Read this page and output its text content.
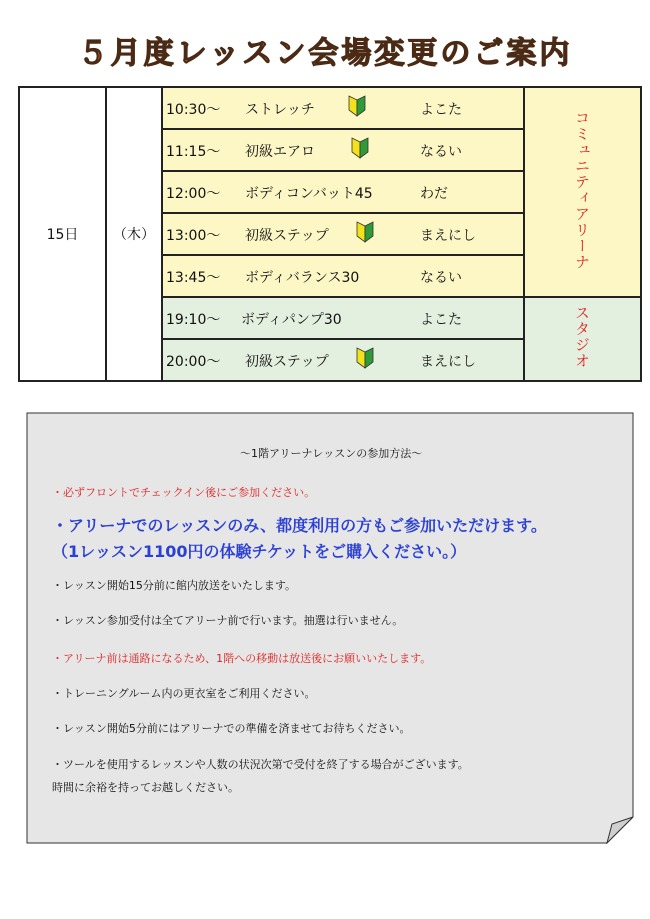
５月度レッスン会場変更のご案内
15日	（木）	10:30～ ストレッチ よこた	コミュニティアリーナ

		11:15～ 初級エアロ なるい	

		12:00～ ボディコンバット45 わだ	

		13:00～ 初級ステップ まえにし	

		13:45～ ボディバランス30 なるい	

		19:10～ ボディパンプ30 よこた	スタジオ

		20:00～ 初級ステップ まえにし	

～1階アリーナレッスンの参加方法～

・必ずフロントでチェックイン後にご参加ください。

・アリーナでのレッスンのみ、都度利用の方もご参加いただけます。

（1レッスン1100円の体験チケットをご購入ください。）

・レッスン開始15分前に館内放送をいたします。

・レッスン参加受付は全てアリーナ前で行います。抽選は行いません。

・アリーナ前は通路になるため、1階への移動は放送後にお願いいたします。

・トレーニングルーム内の更衣室をご利用ください。

・レッスン開始5分前にはアリーナでの準備を済ませてお待ちください。

・ツールを使用するレッスンや人数の状況次第で受付を終了する場合がございます。

時間に余裕を持ってお越しください。
